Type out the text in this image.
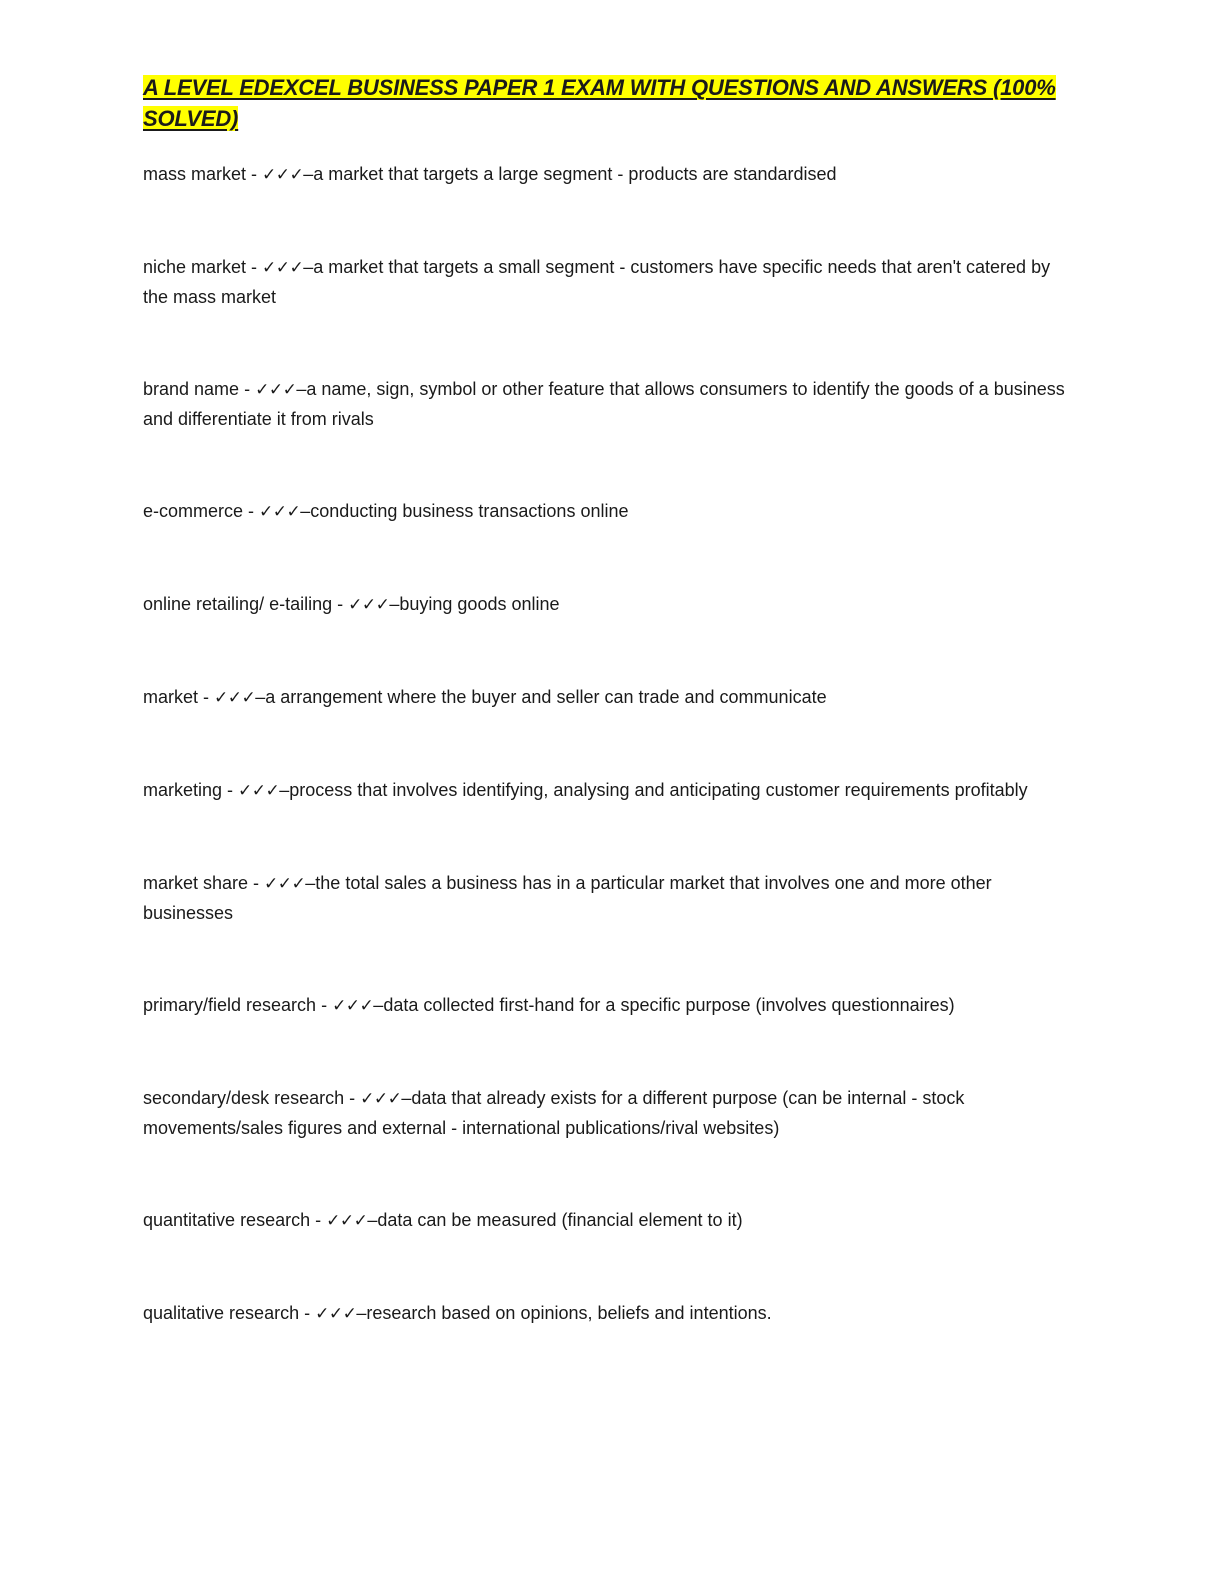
A LEVEL EDEXCEL BUSINESS PAPER 1 EXAM WITH QUESTIONS AND ANSWERS (100% SOLVED)

mass market - ✓✓✓–a market that targets a large segment - products are standardised

niche market - ✓✓✓–a market that targets a small segment - customers have specific needs that aren't catered by the mass market

brand name - ✓✓✓–a name, sign, symbol or other feature that allows consumers to identify the goods of a business and differentiate it from rivals

e-commerce - ✓✓✓–conducting business transactions online

online retailing/ e-tailing - ✓✓✓–buying goods online

market - ✓✓✓–a arrangement where the buyer and seller can trade and communicate

marketing - ✓✓✓–process that involves identifying, analysing and anticipating customer requirements profitably

market share - ✓✓✓–the total sales a business has in a particular market that involves one and more other businesses

primary/field research - ✓✓✓–data collected first-hand for a specific purpose (involves questionnaires)

secondary/desk research - ✓✓✓–data that already exists for a different purpose (can be internal - stock movements/sales figures and external - international publications/rival websites)

quantitative research - ✓✓✓–data can be measured (financial element to it)

qualitative research - ✓✓✓–research based on opinions, beliefs and intentions.
